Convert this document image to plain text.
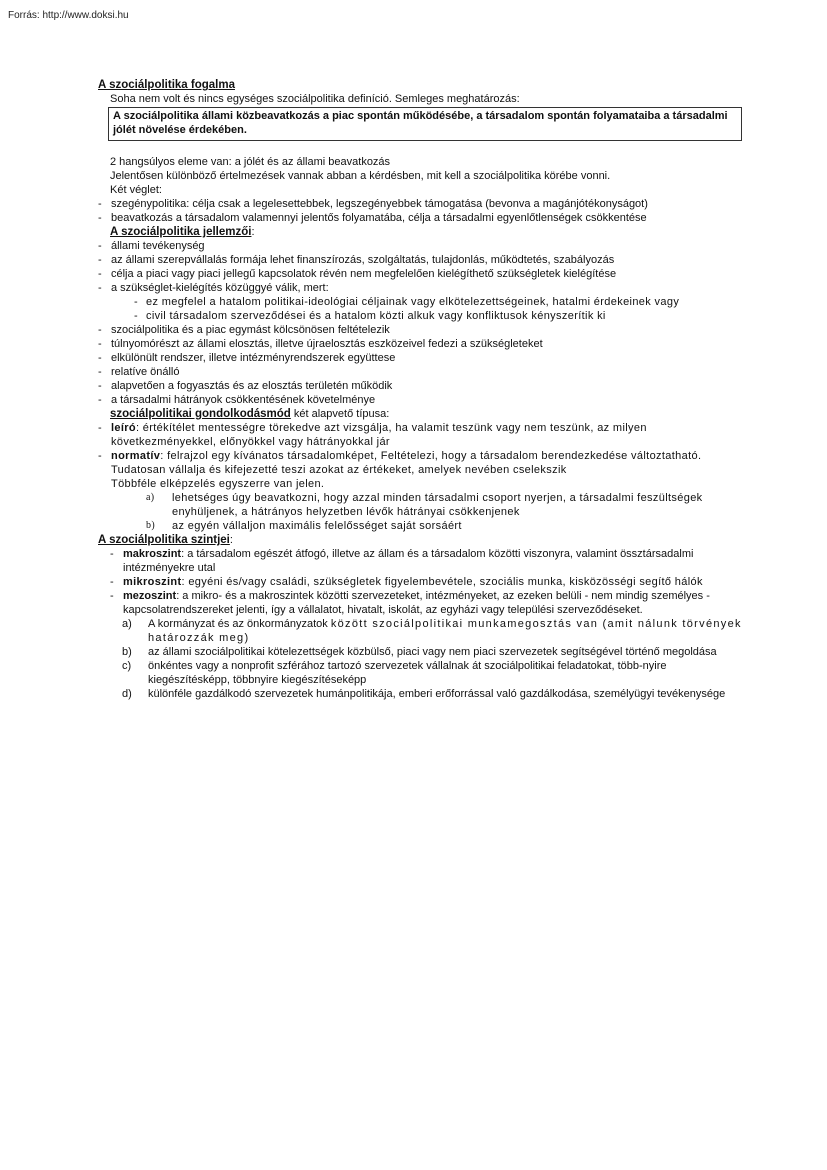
Forrás: http://www.doksi.hu
A szociálpolitika fogalma
Soha nem volt és nincs egységes szociálpolitika definíció. Semleges meghatározás:
A szociálpolitika állami közbeavatkozás a piac spontán működésébe, a társadalom spontán folyamataiba a társadalmi jólét növelése érdekében.
2 hangsúlyos eleme van: a jólét és az állami beavatkozás
Jelentősen különböző értelmezések vannak abban a kérdésben, mit kell a szociálpolitika körébe vonni.
Két véglet:
- szegénypolitika: célja csak a legelesettebbek, legszegényebbek támogatása (bevonva a magánjótékonyságot)
- beavatkozás a társadalom valamennyi jelentős folyamatába, célja a társadalmi egyenlőtlenségek csökkentése
A szociálpolitika jellemzői:
- állami tevékenység
- az állami szerepvállalás formája lehet finanszírozás, szolgáltatás, tulajdonlás, működtetés, szabályozás
- célja a piaci vagy piaci jellegű kapcsolatok révén nem megfelelően kielégíthető szükségletek kielégítése
- a szükséglet-kielégítés közüggyé válik, mert:
- ez megfelel a hatalom politikai-ideológiai céljainak vagy elkötelezettségeinek, hatalmi érdekeinek vagy
- civil társadalom szerveződései és a hatalom közti alkuk vagy konfliktusok kényszerítik ki
- szociálpolitika és a piac egymást kölcsönösen feltételezik
- túlnyomórészt az állami elosztás, illetve újraelosztás eszközeivel fedezi a szükségleteket
- elkülönült rendszer, illetve intézményrendszerek együttese
- relatíve önálló
- alapvetően a fogyasztás és az elosztás területén működik
- a társadalmi hátrányok csökkentésének követelménye
szociálpolitikai gondolkodásmód két alapvető típusa:
- leíró: értékítélet mentességre törekedve azt vizsgálja, ha valamit teszünk vagy nem teszünk, az milyen következményekkel, előnyökkel vagy hátrányokkal jár
- normatív: felrajzol egy kívánatos társadalomképet, Feltételezi, hogy a társadalom berendezkedése változtatható. Tudatosan vállalja és kifejezetté teszi azokat az értékeket, amelyek nevében cselekszik
Többféle elképzelés egyszerre van jelen.
a)	lehetséges úgy beavatkozni, hogy azzal minden társadalmi csoport nyerjen, a társadalmi feszültségek enyhüljenek, a hátrányos helyzetben lévők hátrányai csökkenjenek
b)	az egyén vállaljon maximális felelősséget saját sorsáért
A szociálpolitika szintjei:
- makroszint: a társadalom egészét átfogó, illetve az állam és a társadalom közötti viszonyra, valamint össztársadalmi intézményekre utal
- mikroszint: egyéni és/vagy családi, szükségletek figyelembevétele, szociális munka, kisközösségi segítő hálók
- mezoszint: a mikro- és a makroszintek közötti szervezeteket, intézményeket, az ezeken belüli - nem mindig személyes - kapcsolatrendszereket jelenti, így a vállalatot, hivatalt, iskolát, az egyházi vagy települési szerveződéseket.
a)	A kormányzat és az önkormányzatok között szociálpolitikai munkamegosztás van (amit nálunk törvények határozzák meg)
b)	az állami szociálpolitikai kötelezettségek közbülső, piaci vagy nem piaci szervezetek segítségével történő megoldása
c)	önkéntes vagy a nonprofit szférához tartozó szervezetek vállalnak át szociálpolitikai feladatokat, több-nyire kiegészítésképp, többnyire kiegészítéseképp
d)	különféle gazdálkodó szervezetek humánpolitikája, emberi erőforrással való gazdálkodása, személyügyi tevékenysége
